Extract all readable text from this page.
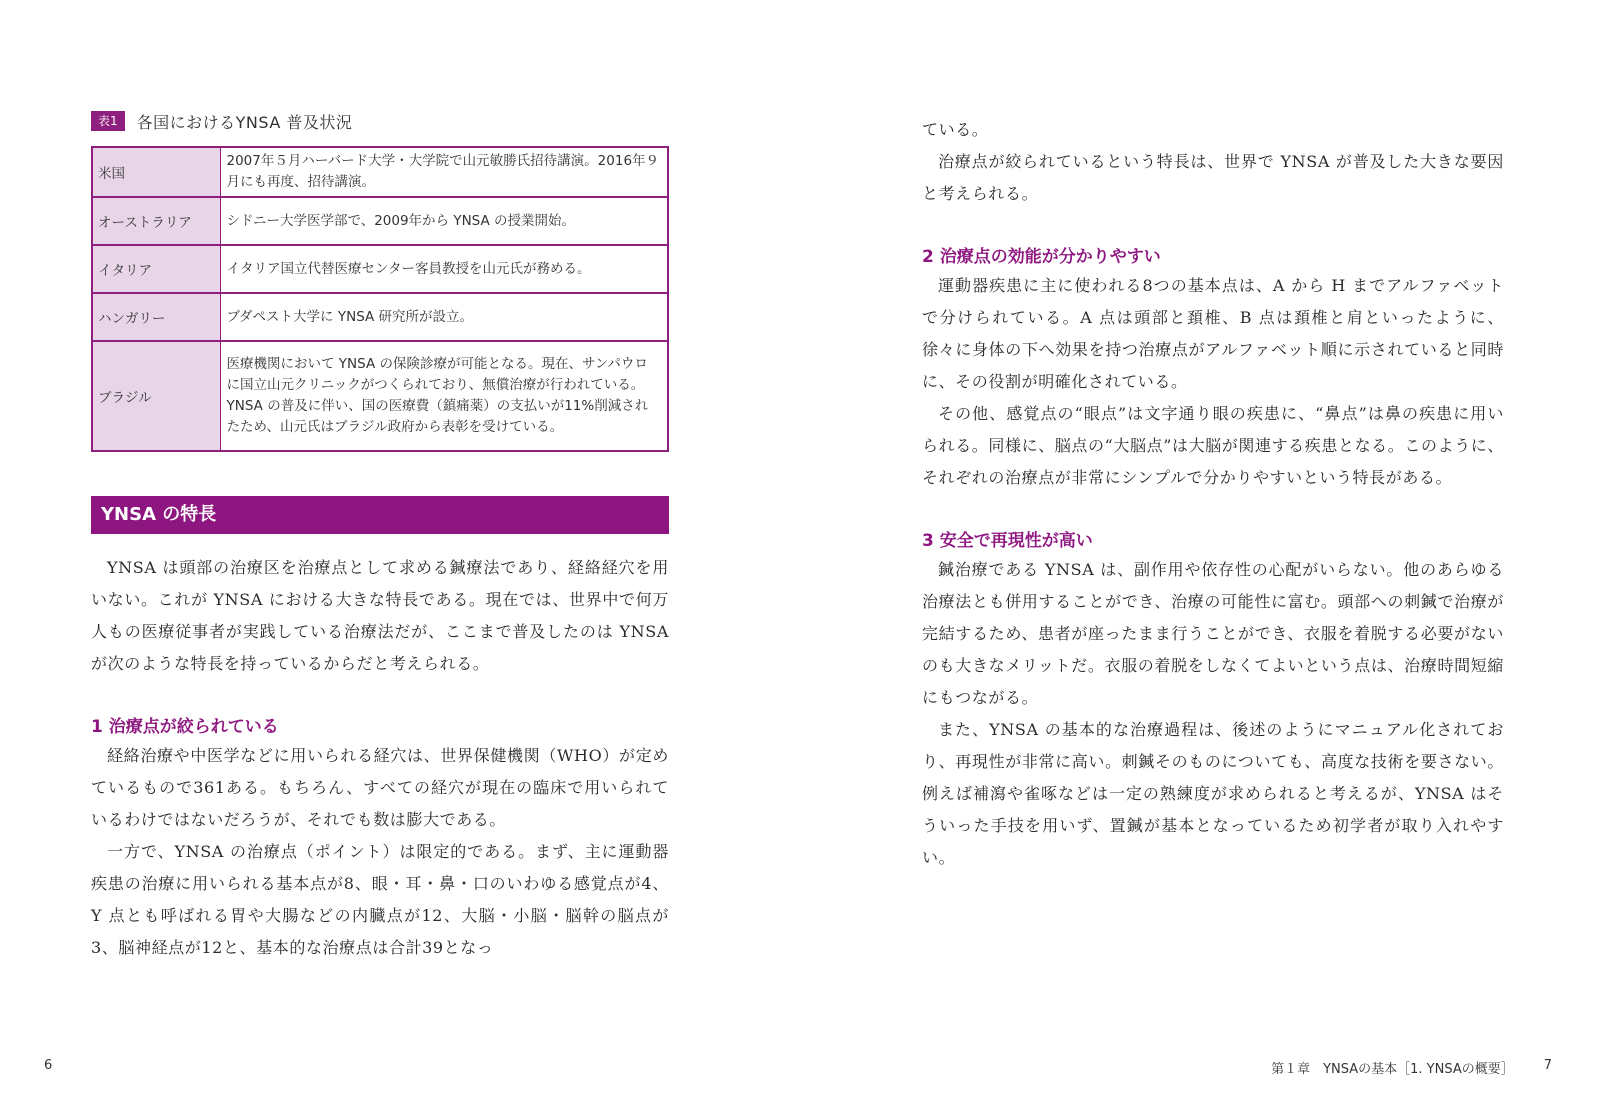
表1	各国におけるYNSA 普及状況
米国	2007年５月ハーバード大学・大学院で山元敏勝氏招待講演。2016年９月にも再度、招待講演。
オーストラリア	シドニー大学医学部で、2009年から YNSA の授業開始。
イタリア	イタリア国立代替医療センター客員教授を山元氏が務める。
ハンガリー	ブダペスト大学に YNSA 研究所が設立。
ブラジル	医療機関において YNSA の保険診療が可能となる。現在、サンパウロに国立山元クリニックがつくられており、無償治療が行われている。YNSA の普及に伴い、国の医療費（鎮痛薬）の支払いが11%削減されたため、山元氏はブラジル政府から表彰を受けている。
YNSA の特長

YNSA は頭部の治療区を治療点として求める鍼療法であり、経絡経穴を用いない。これが YNSA における大きな特長である。現在では、世界中で何万人もの医療従事者が実践している治療法だが、ここまで普及したのは YNSA が次のような特長を持っているからだと考えられる。

1 治療点が絞られている

経絡治療や中医学などに用いられる経穴は、世界保健機関（WHO）が定めているもので361ある。もちろん、すべての経穴が現在の臨床で用いられているわけではないだろうが、それでも数は膨大である。

一方で、YNSA の治療点（ポイント）は限定的である。まず、主に運動器疾患の治療に用いられる基本点が8、眼・耳・鼻・口のいわゆる感覚点が4、Y 点とも呼ばれる胃や大腸などの内臓点が12、大脳・小脳・脳幹の脳点が3、脳神経点が12と、基本的な治療点は合計39となっ

ている。

治療点が絞られているという特長は、世界で YNSA が普及した大きな要因と考えられる。

2 治療点の効能が分かりやすい

運動器疾患に主に使われる8つの基本点は、A から H までアルファベットで分けられている。A 点は頭部と頚椎、B 点は頚椎と肩といったように、徐々に身体の下へ効果を持つ治療点がアルファベット順に示されていると同時に、その役割が明確化されている。

その他、感覚点の“眼点”は文字通り眼の疾患に、“鼻点”は鼻の疾患に用いられる。同様に、脳点の“大脳点”は大脳が関連する疾患となる。このように、それぞれの治療点が非常にシンプルで分かりやすいという特長がある。

3 安全で再現性が高い

鍼治療である YNSA は、副作用や依存性の心配がいらない。他のあらゆる治療法とも併用することができ、治療の可能性に富む。頭部への刺鍼で治療が完結するため、患者が座ったまま行うことができ、衣服を着脱する必要がないのも大きなメリットだ。衣服の着脱をしなくてよいという点は、治療時間短縮にもつながる。

また、YNSA の基本的な治療過程は、後述のようにマニュアル化されており、再現性が非常に高い。刺鍼そのものについても、高度な技術を要さない。例えば補瀉や雀啄などは一定の熟練度が求められると考えるが、YNSA はそういった手技を用いず、置鍼が基本となっているため初学者が取り入れやすい。

6	第１章　YNSAの基本［1. YNSAの概要］ 7
